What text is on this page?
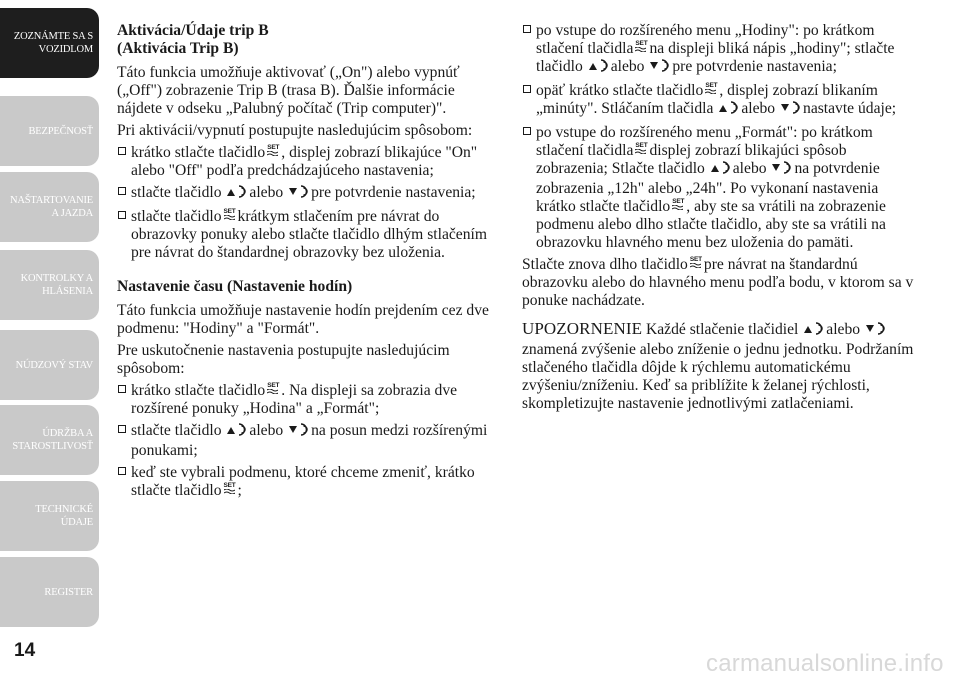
ZOZNÁMTE SA S
VOZIDLOM
BEZPEČNOSŤ
NAŠTARTOVANIE
A JAZDA
KONTROLKY A
HLÁSENIA
NÚDZOVÝ STAV
ÚDRŽBA A
STAROSTLIVOSŤ
TECHNICKÉ
ÚDAJE
REGISTER
14
Aktivácia/Údaje trip B
(Aktivácia Trip B)

Táto funkcia umožňuje aktivovať („On") alebo vypnúť („Off") zobrazenie Trip B (trasa B). Ďalšie informácie nájdete v odseku „Palubný počítač (Trip computer)".

Pri aktivácii/vypnutí postupujte nasledujúcim spôsobom:

krátko stlačte tlačidlo SET , displej zobrazí blikajúce "On" alebo "Off" podľa predchádzajúceho nastavenia;
stlačte tlačidlo alebo pre potvrdenie nastavenia;
stlačte tlačidlo SET krátkym stlačením pre návrat do obrazovky ponuky alebo stlačte tlačidlo dlhým stlačením pre návrat do štandardnej obrazovky bez uloženia.
Nastavenie času (Nastavenie hodín)

Táto funkcia umožňuje nastavenie hodín prejdením cez dve podmenu: "Hodiny" a "Formát".

Pre uskutočnenie nastavenia postupujte nasledujúcim spôsobom:

krátko stlačte tlačidlo SET . Na displeji sa zobrazia dve rozšírené ponuky „Hodina" a „Formát";
stlačte tlačidlo alebo na posun medzi rozšírenými ponukami;
keď ste vybrali podmenu, ktoré chceme zmeniť, krátko stlačte tlačidlo SET ;
po vstupe do rozšíreného menu „Hodiny": po krátkom stlačení tlačidla SET na displeji bliká nápis „hodiny"; stlačte tlačidlo alebo pre potvrdenie nastavenia;
opäť krátko stlačte tlačidlo SET , displej zobrazí blikaním „minúty". Stláčaním tlačidla alebo nastavte údaje;
po vstupe do rozšíreného menu „Formát": po krátkom stlačení tlačidla SET displej zobrazí blikajúci spôsob zobrazenia; Stlačte tlačidlo alebo na potvrdenie zobrazenia „12h" alebo „24h". Po vykonaní nastavenia krátko stlačte tlačidlo SET , aby ste sa vrátili na zobrazenie podmenu alebo dlho stlačte tlačidlo, aby ste sa vrátili na obrazovku hlavného menu bez uloženia do pamäti.

Stlačte znova dlho tlačidlo SET pre návrat na štandardnú obrazovku alebo do hlavného menu podľa bodu, v ktorom sa v ponuke nachádzate.

UPOZORNENIE Každé stlačenie tlačidiel alebo znamená zvýšenie alebo zníženie o jednu jednotku. Podržaním stlačeného tlačidla dôjde k rýchlemu automatickému zvýšeniu/zníženiu. Keď sa priblížite k želanej rýchlosti, skompletizujte nastavenie jednotlivými zatlačeniami.

carmanualsonline.info
